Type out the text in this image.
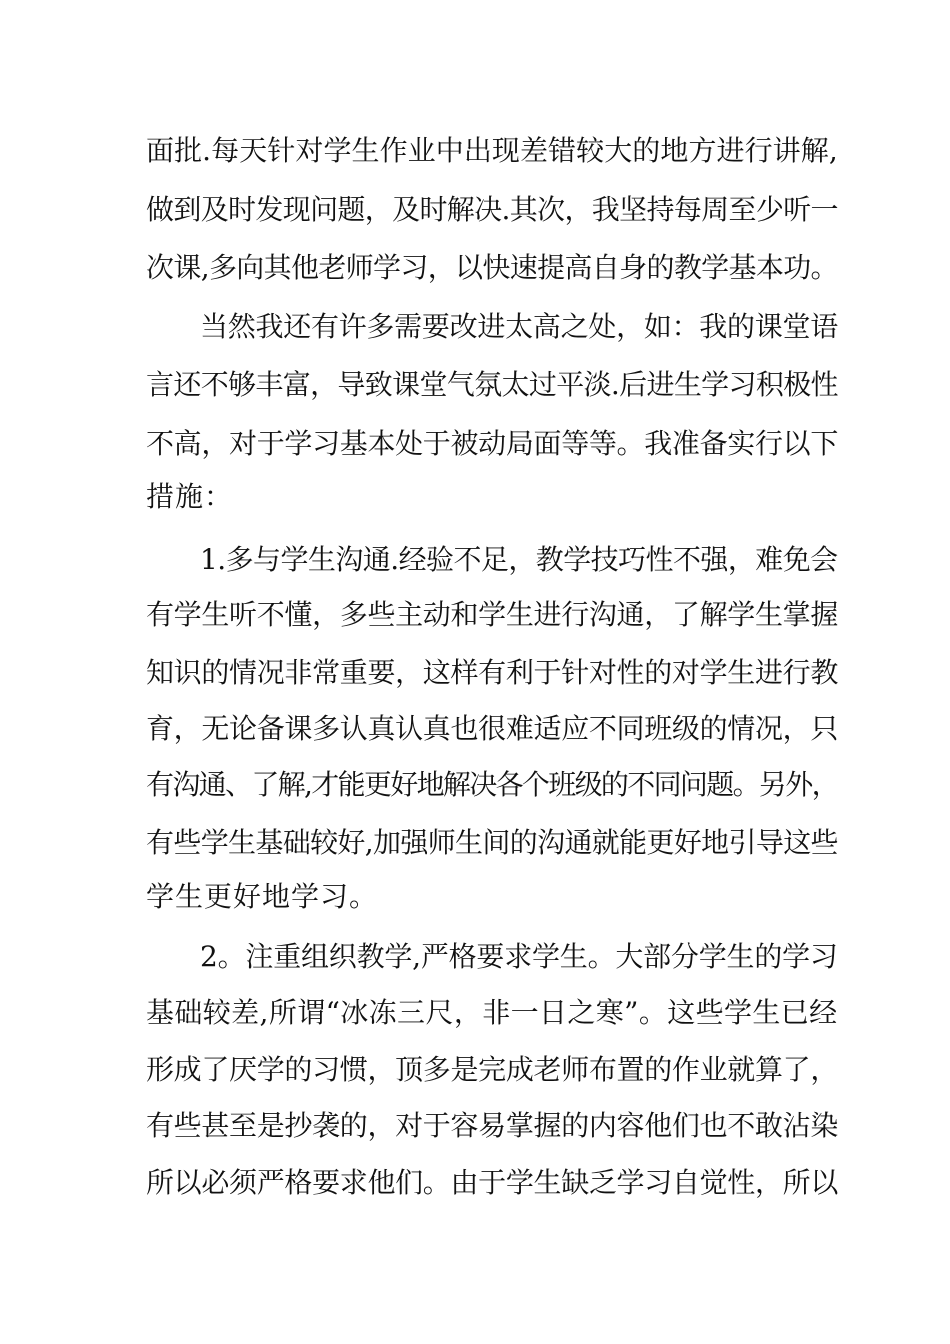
面批.每天针对学生作业中出现差错较大的地方进行讲解,
做到及时发现问题，及时解决.其次，我坚持每周至少听一
次课,多向其他老师学习，以快速提高自身的教学基本功。
当然我还有许多需要改进太高之处，如：我的课堂语
言还不够丰富，导致课堂气氛太过平淡.后进生学习积极性
不高，对于学习基本处于被动局面等等。我准备实行以下
措施：
1.多与学生沟通.经验不足，教学技巧性不强，难免会
有学生听不懂，多些主动和学生进行沟通，了解学生掌握
知识的情况非常重要，这样有利于针对性的对学生进行教
育，无论备课多认真认真也很难适应不同班级的情况，只
有沟通、了解,才能更好地解决各个班级的不同问题。另外，
有些学生基础较好,加强师生间的沟通就能更好地引导这些
学生更好地学习。
2。注重组织教学,严格要求学生。大部分学生的学习
基础较差,所谓“冰冻三尺，非一日之寒”。这些学生已经
形成了厌学的习惯，顶多是完成老师布置的作业就算了，
有些甚至是抄袭的，对于容易掌握的内容他们也不敢沾染
所以必须严格要求他们。由于学生缺乏学习自觉性，所以
